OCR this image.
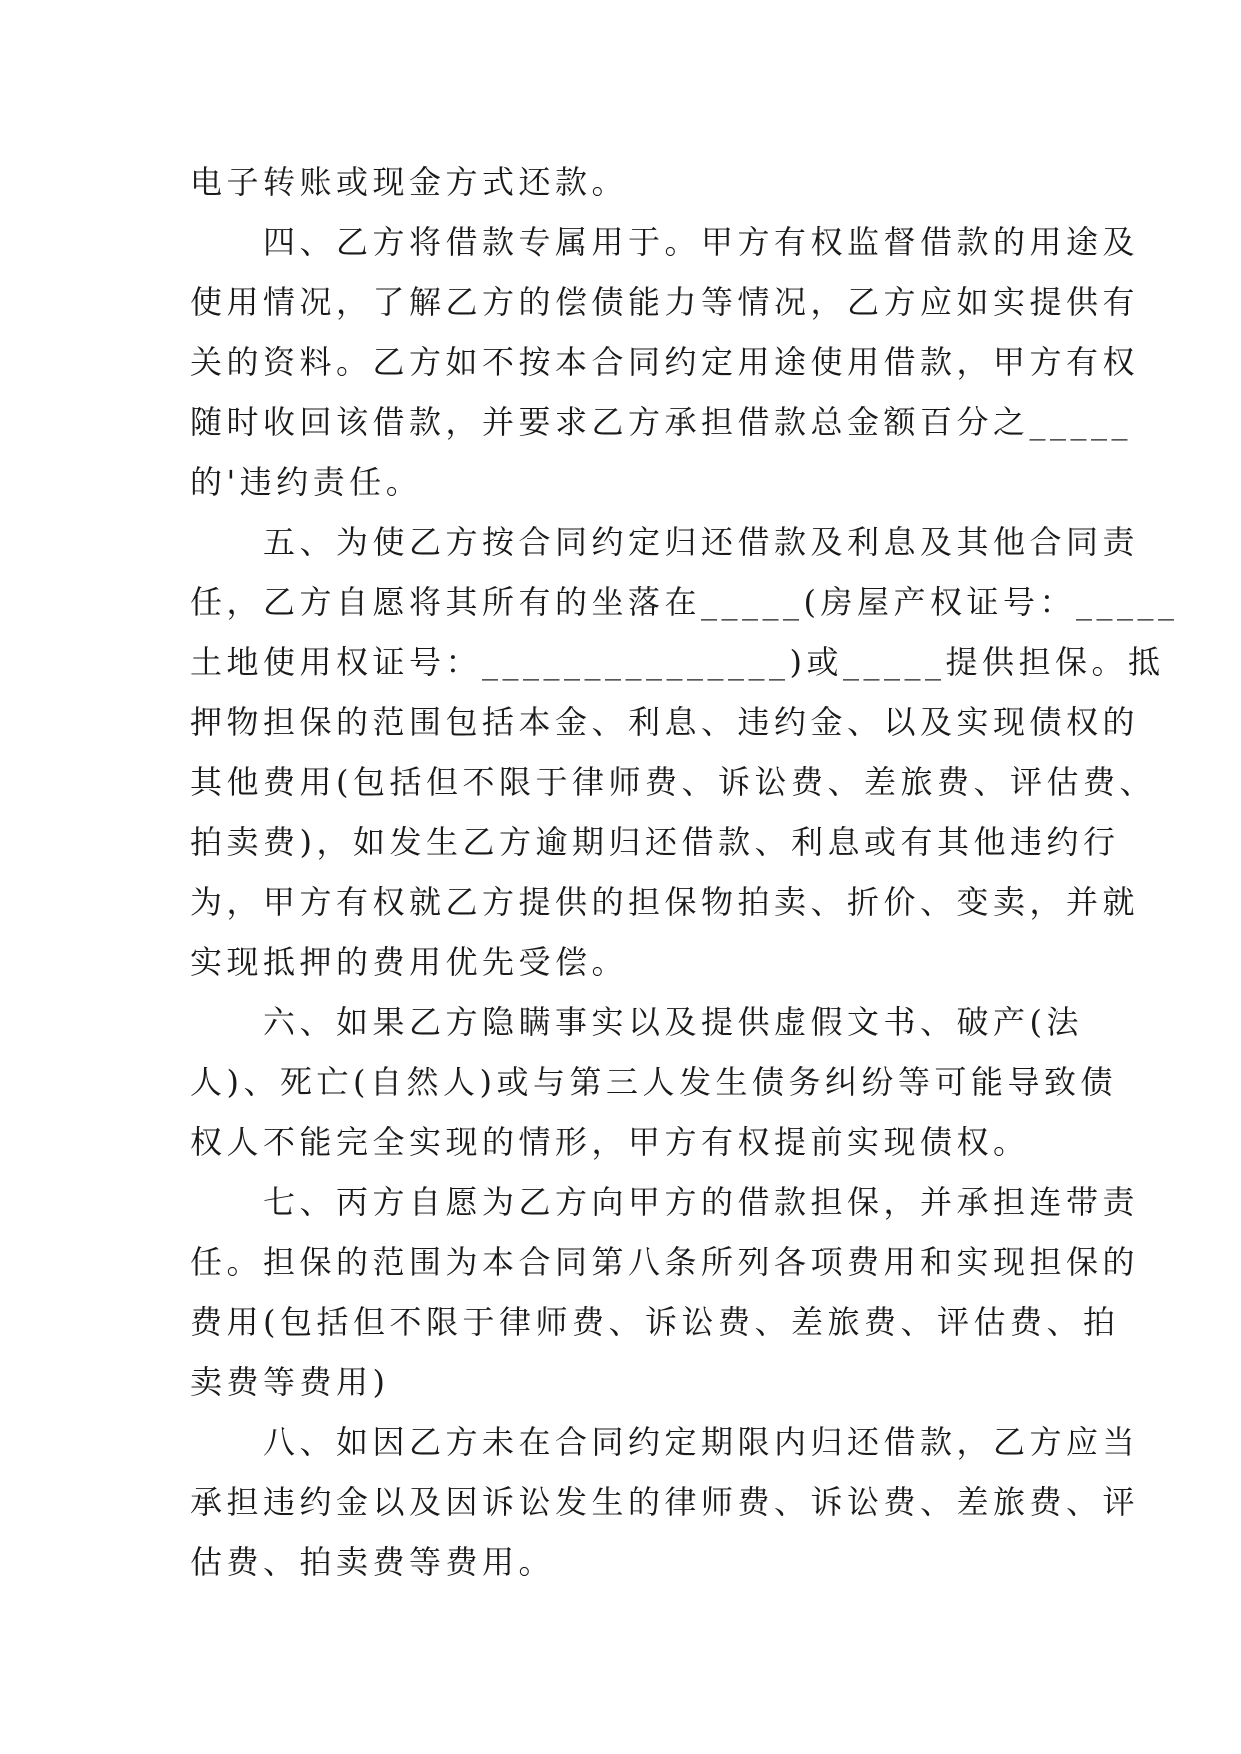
电子转账或现金方式还款。

　　四、乙方将借款专属用于。甲方有权监督借款的用途及

使用情况，了解乙方的偿债能力等情况，乙方应如实提供有

关的资料。乙方如不按本合同约定用途使用借款，甲方有权

随时收回该借款，并要求乙方承担借款总金额百分之_____

的'违约责任。

　　五、为使乙方按合同约定归还借款及利息及其他合同责

任，乙方自愿将其所有的坐落在_____(房屋产权证号：_____

土地使用权证号：_______________)或_____提供担保。抵

押物担保的范围包括本金、利息、违约金、以及实现债权的

其他费用(包括但不限于律师费、诉讼费、差旅费、评估费、

拍卖费)，如发生乙方逾期归还借款、利息或有其他违约行

为，甲方有权就乙方提供的担保物拍卖、折价、变卖，并就

实现抵押的费用优先受偿。

　　六、如果乙方隐瞒事实以及提供虚假文书、破产(法

人)、死亡(自然人)或与第三人发生债务纠纷等可能导致债

权人不能完全实现的情形，甲方有权提前实现债权。

　　七、丙方自愿为乙方向甲方的借款担保，并承担连带责

任。担保的范围为本合同第八条所列各项费用和实现担保的

费用(包括但不限于律师费、诉讼费、差旅费、评估费、拍

卖费等费用)

　　八、如因乙方未在合同约定期限内归还借款，乙方应当

承担违约金以及因诉讼发生的律师费、诉讼费、差旅费、评

估费、拍卖费等费用。
